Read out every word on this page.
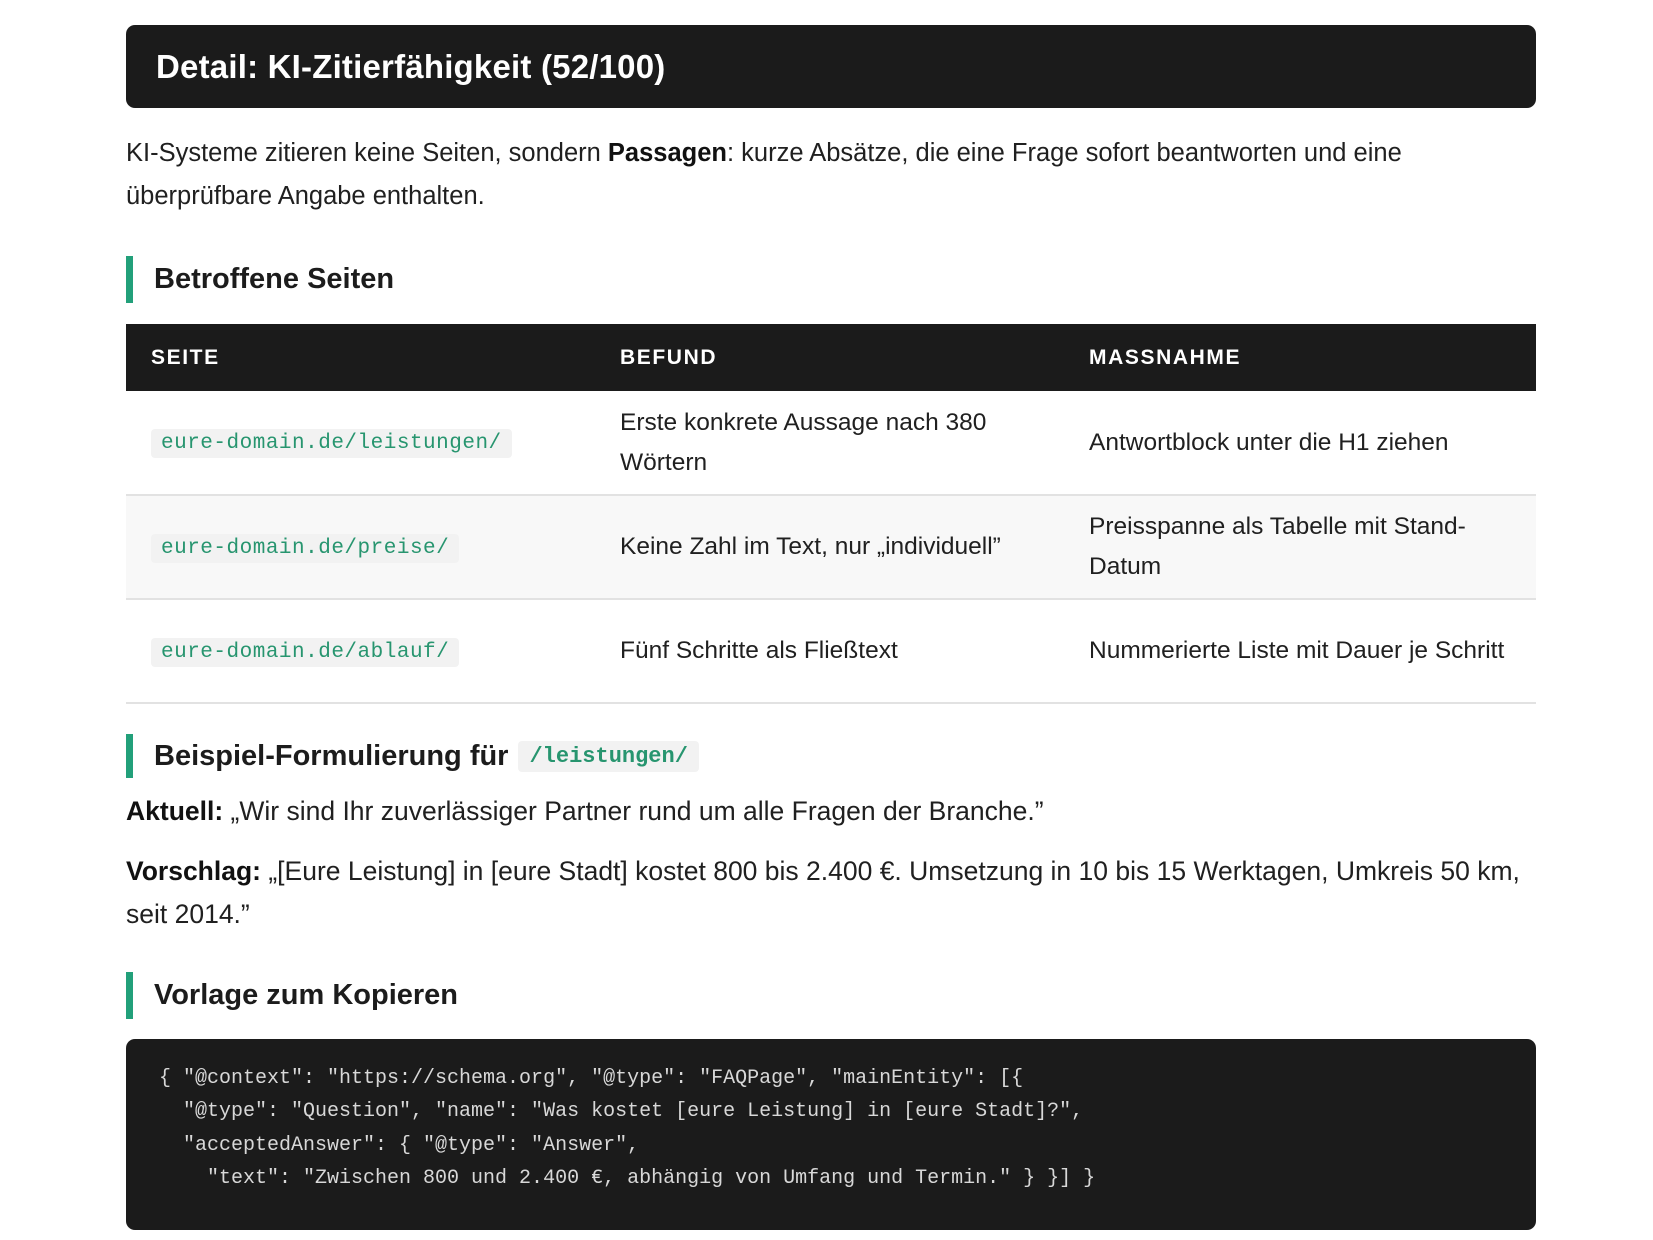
Detail: KI-Zitierfähigkeit (52/100)

KI-Systeme zitieren keine Seiten, sondern Passagen: kurze Absätze, die eine Frage sofort beantworten und eine überprüfbare Angabe enthalten.

Betroffene Seiten
SEITE	BEFUND	MASSNAHME
eure-domain.de/leistungen/	Erste konkrete Aussage nach 380 Wörtern	Antwortblock unter die H1 ziehen
eure-domain.de/preise/	Keine Zahl im Text, nur „individuell”	Preisspanne als Tabelle mit Stand-Datum
eure-domain.de/ablauf/	Fünf Schritte als Fließtext	Nummerierte Liste mit Dauer je Schritt
Beispiel-Formulierung für /leistungen/

Aktuell: „Wir sind Ihr zuverlässiger Partner rund um alle Fragen der Branche.”

Vorschlag: „[Eure Leistung] in [eure Stadt] kostet 800 bis 2.400 €. Umsetzung in 10 bis 15 Werktagen, Umkreis 50 km, seit 2014.”

Vorlage zum Kopieren
{ "@context": "https://schema.org", "@type": "FAQPage", "mainEntity": [{
"@type": "Question", "name": "Was kostet [eure Leistung] in [eure Stadt]?",
"acceptedAnswer": { "@type": "Answer",
"text": "Zwischen 800 und 2.400 €, abhängig von Umfang und Termin." } }] }
